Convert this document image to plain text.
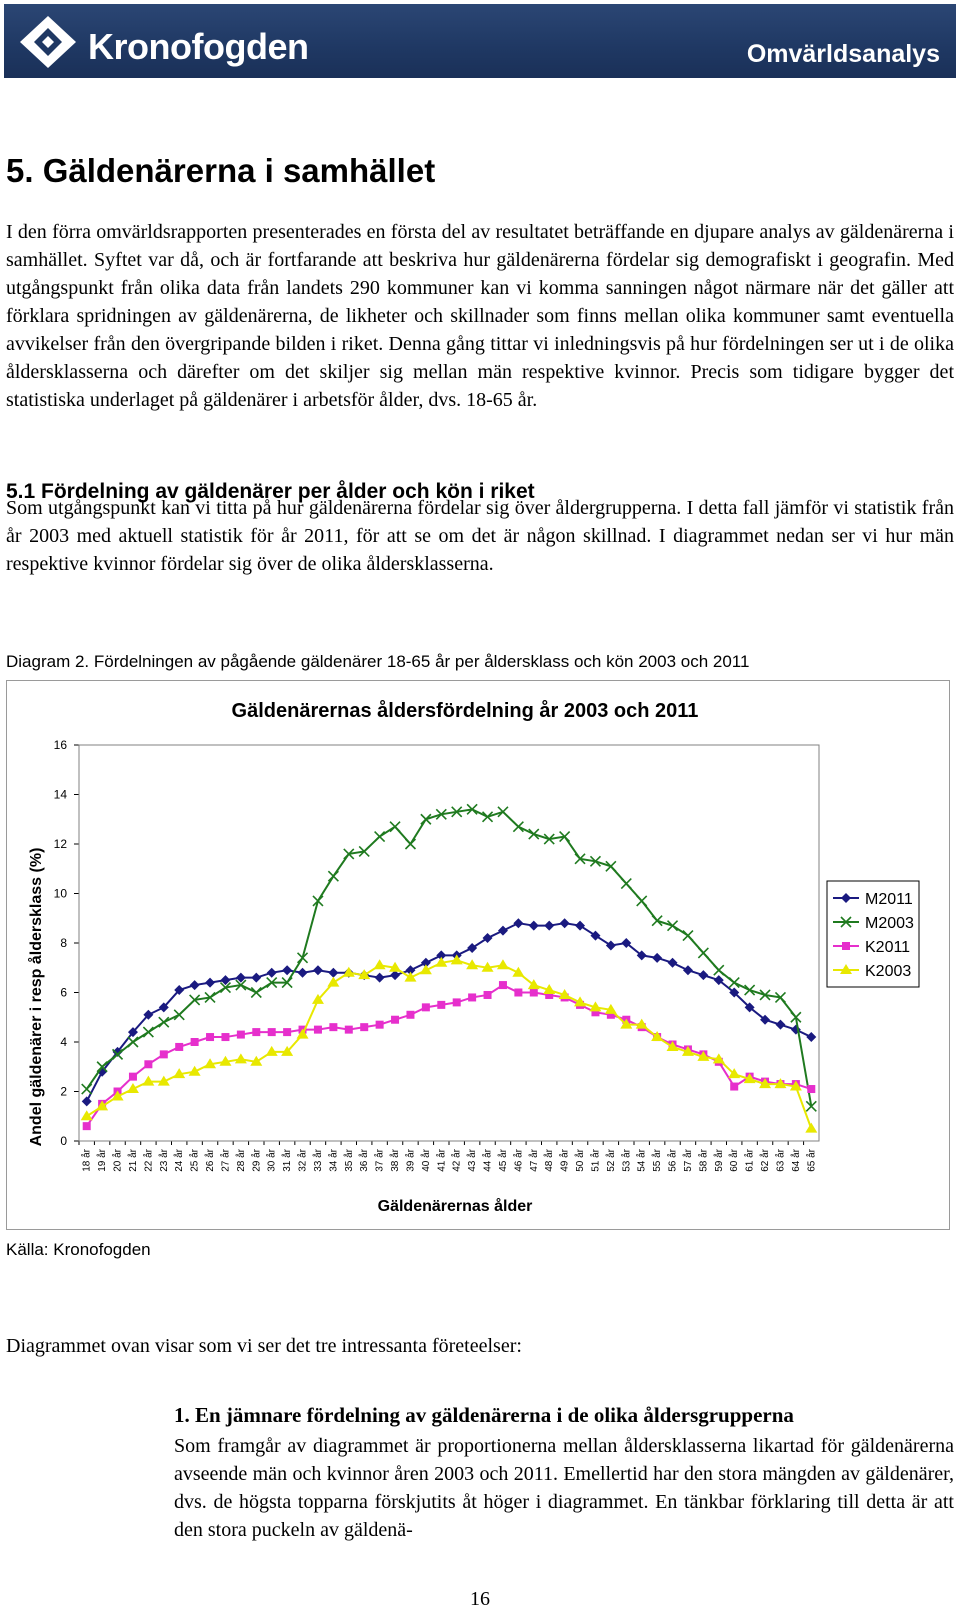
Kronofogden	Omvärldsanalys
5. Gäldenärerna i samhället

I den förra omvärldsrapporten presenterades en första del av resultatet beträffande en djupare analys av gäldenärerna i samhället. Syftet var då, och är fortfarande att beskriva hur gäldenärerna fördelar sig demografiskt i geografin. Med utgångspunkt från olika data från landets 290 kommuner kan vi komma sanningen något närmare när det gäller att förklara spridningen av gäldenärerna, de likheter och skillnader som finns mellan olika kommuner samt eventuella avvikelser från den övergripande bilden i riket. Denna gång tittar vi inledningsvis på hur fördelningen ser ut i de olika åldersklasserna och därefter om det skiljer sig mellan män respektive kvinnor. Precis som tidigare bygger det statistiska underlaget på gäldenärer i arbetsför ålder, dvs. 18-65 år.

5.1 Fördelning av gäldenärer per ålder och kön i riket

Som utgångspunkt kan vi titta på hur gäldenärerna fördelar sig över åldergrupperna. I detta fall jämför vi statistik från år 2003 med aktuell statistik för år 2011, för att se om det är någon skillnad. I diagrammet nedan ser vi hur män respektive kvinnor fördelar sig över de olika åldersklasserna.

Diagram 2. Fördelningen av pågående gäldenärer 18-65 år per åldersklass och kön 2003 och 2011

Gäldenärernas åldersfördelning år 2003 och 2011
Gäldenärernas ålder
Andel gäldenärer i resp åldersklass (%) 0
2
4
6
8
10
12
14
16
18 år 19 år 20 år 21 år 22 år 23 år 24 år 25 år 26 år 27 år 28 år 29 år 30 år 31 år 32 år 33 år 34 år 35 år 36 år 37 år 38 år 39 år 40 år 41 år 42 år 43 år 44 år 45 år 46 år 47 år 48 år 49 år 50 år 51 år 52 år 53 år 54 år 55 år 56 år 57 år 58 år 59 år 60 år 61 år 62 år 63 år 64 år 65 år
M2011
M2003
K2011
K2003

Källa: Kronofogden

Diagrammet ovan visar som vi ser det tre intressanta företeelser:

1. En jämnare fördelning av gäldenärerna i de olika åldersgrupperna

Som framgår av diagrammet är proportionerna mellan åldersklasserna likartad för gäldenärerna avseende män och kvinnor åren 2003 och 2011. Emellertid har den stora mängden av gäldenärer, dvs. de högsta topparna förskjutits åt höger i diagrammet. En tänkbar förklaring till detta är att den stora puckeln av gäldenä-

16
